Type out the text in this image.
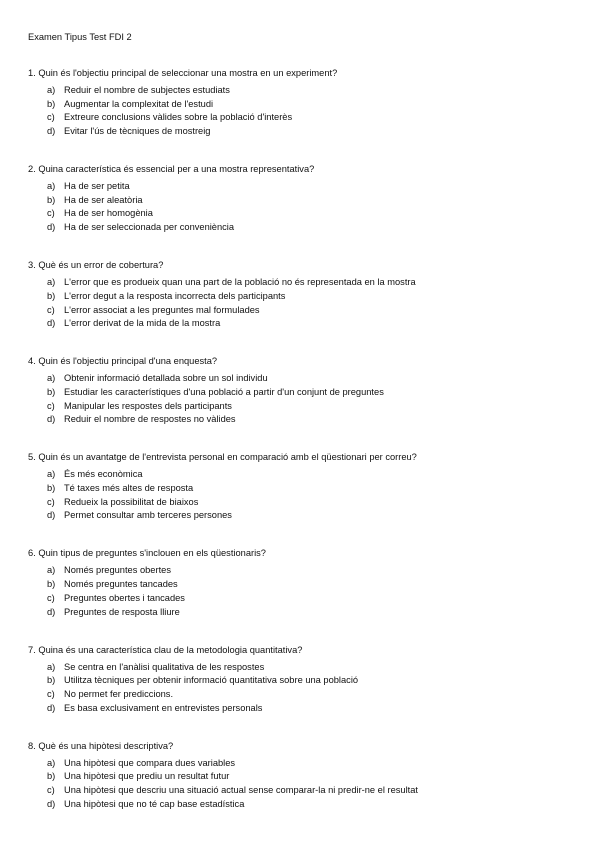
Examen Tipus Test FDI 2
1. Quin és l'objectiu principal de seleccionar una mostra en un experiment?
a) Reduir el nombre de subjectes estudiats
b) Augmentar la complexitat de l'estudi
c) Extreure conclusions vàlides sobre la població d'interès
d) Evitar l'ús de tècniques de mostreig
2. Quina característica és essencial per a una mostra representativa?
a) Ha de ser petita
b) Ha de ser aleatòria
c) Ha de ser homogènia
d) Ha de ser seleccionada per conveniència
3. Què és un error de cobertura?
a) L'error que es produeix quan una part de la població no és representada en la mostra
b) L'error degut a la resposta incorrecta dels participants
c) L'error associat a les preguntes mal formulades
d) L'error derivat de la mida de la mostra
4. Quin és l'objectiu principal d'una enquesta?
a) Obtenir informació detallada sobre un sol individu
b) Estudiar les característiques d'una població a partir d'un conjunt de preguntes
c) Manipular les respostes dels participants
d) Reduir el nombre de respostes no vàlides
5. Quin és un avantatge de l'entrevista personal en comparació amb el qüestionari per correu?
a) És més econòmica
b) Té taxes més altes de resposta
c) Redueix la possibilitat de biaixos
d) Permet consultar amb terceres persones
6. Quin tipus de preguntes s'inclouen en els qüestionaris?
a) Només preguntes obertes
b) Només preguntes tancades
c) Preguntes obertes i tancades
d) Preguntes de resposta lliure
7. Quina és una característica clau de la metodologia quantitativa?
a) Se centra en l'anàlisi qualitativa de les respostes
b) Utilitza tècniques per obtenir informació quantitativa sobre una població
c) No permet fer prediccions.
d) Es basa exclusivament en entrevistes personals
8. Què és una hipòtesi descriptiva?
a) Una hipòtesi que compara dues variables
b) Una hipòtesi que prediu un resultat futur
c) Una hipòtesi que descriu una situació actual sense comparar-la ni predir-ne el resultat
d) Una hipòtesi que no té cap base estadística
